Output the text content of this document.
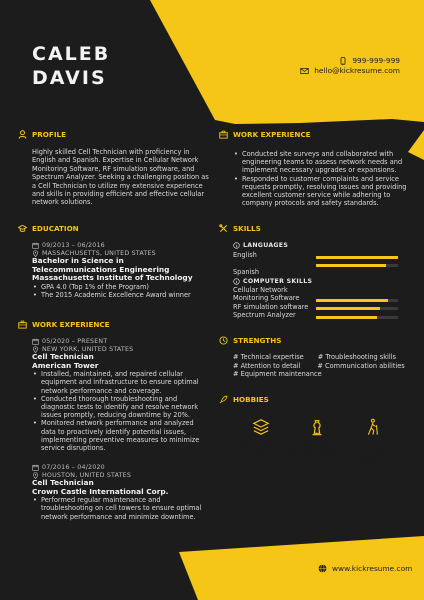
CALEB
DAVIS
999-999-999
hello@kickresume.com
PROFILE
Highly skilled Cell Technician with proficiency in
English and Spanish. Expertise in Cellular Network
Monitoring Software, RF simulation software, and
Spectrum Analyzer. Seeking a challenging position as
a Cell Technician to utilize my extensive experience
and skills in providing efficient and effective cellular
network solutions.
EDUCATION
09/2013 – 06/2016
MASSACHUSETTS, UNITED STATES
Bachelor in Science in
Telecommunications Engineering
Massachusetts Institute of Technology
• GPA 4.0 (Top 1% of the Program)
• The 2015 Academic Excellence Award winner
WORK EXPERIENCE
05/2020 – PRESENT
NEW YORK, UNITED STATES
Cell Technician
American Tower
• Installed, maintained, and repaired cellular
equipment and infrastructure to ensure optimal
network performance and coverage.
• Conducted thorough troubleshooting and
diagnostic tests to identify and resolve network
issues promptly, reducing downtime by 20%.
• Monitored network performance and analyzed
data to proactively identify potential issues,
implementing preventive measures to minimize
service disruptions.
07/2016 – 04/2020
HOUSTON, UNITED STATES
Cell Technician
Crown Castle International Corp.
• Performed regular maintenance and
troubleshooting on cell towers to ensure optimal
network performance and minimize downtime.
WORK EXPERIENCE
• Conducted site surveys and collaborated with
engineering teams to assess network needs and
implement necessary upgrades or expansions.
• Responded to customer complaints and service
requests promptly, resolving issues and providing
excellent customer service while adhering to
company protocols and safety standards.
SKILLS
LANGUAGES
English
Spanish
COMPUTER SKILLS
Cellular Network
Monitoring Software
RF simulation software
Spectrum Analyzer
STRENGTHS
# Technical expertise # Troubleshooting skills
# Attention to detail	# Communication abilities
# Equipment maintenance
HOBBIES
Mathematical
Origami
Board and
Strategy Games
Hiking or
Outdoor
Exploration
www.kickresume.com
